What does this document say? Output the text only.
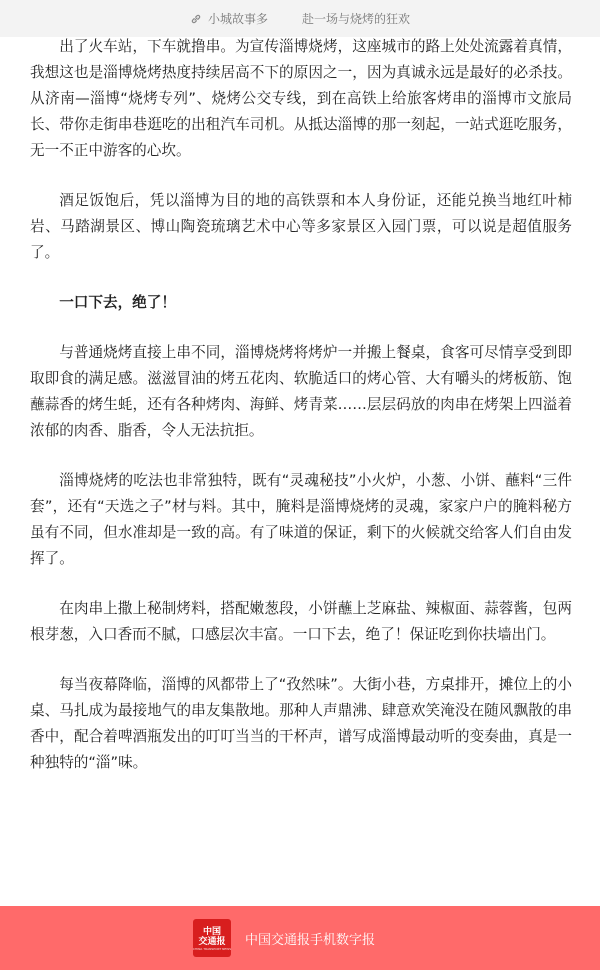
小城故事多	赴一场与烧烤的狂欢

出了火车站，下车就撸串。为宣传淄博烧烤，这座城市的路上处处流露着真情，我想这也是淄博烧烤热度持续居高不下的原因之一，因为真诚永远是最好的必杀技。从济南—淄博“烧烤专列”、烧烤公交专线，到在高铁上给旅客烤串的淄博市文旅局长、带你走街串巷逛吃的出租汽车司机。从抵达淄博的那一刻起，一站式逛吃服务，无一不正中游客的心坎。

酒足饭饱后，凭以淄博为目的地的高铁票和本人身份证，还能兑换当地红叶柿岩、马踏湖景区、博山陶瓷琉璃艺术中心等多家景区入园门票，可以说是超值服务了。

一口下去，绝了！

与普通烧烤直接上串不同，淄博烧烤将烤炉一并搬上餐桌，食客可尽情享受到即取即食的满足感。滋滋冒油的烤五花肉、软脆适口的烤心管、大有嚼头的烤板筋、饱蘸蒜香的烤生蚝，还有各种烤肉、海鲜、烤青菜……层层码放的肉串在烤架上四溢着浓郁的肉香、脂香，令人无法抗拒。

淄博烧烤的吃法也非常独特，既有“灵魂秘技”小火炉，小葱、小饼、蘸料“三件套”，还有“天选之子”材与料。其中，腌料是淄博烧烤的灵魂，家家户户的腌料秘方虽有不同，但水准却是一致的高。有了味道的保证，剩下的火候就交给客人们自由发挥了。

在肉串上撒上秘制烤料，搭配嫩葱段，小饼蘸上芝麻盐、辣椒面、蒜蓉酱，包两根芽葱，入口香而不腻，口感层次丰富。一口下去，绝了！保证吃到你扶墙出门。

每当夜幕降临，淄博的风都带上了“孜然味”。大街小巷，方桌排开，摊位上的小桌、马扎成为最接地气的串友集散地。那种人声鼎沸、肆意欢笑淹没在随风飘散的串香中，配合着啤酒瓶发出的叮叮当当的干杯声，谱写成淄博最动听的变奏曲，真是一种独特的“淄”味。

中国
交通报
CHINA TRANSPORT NEWS
中国交通报手机数字报
